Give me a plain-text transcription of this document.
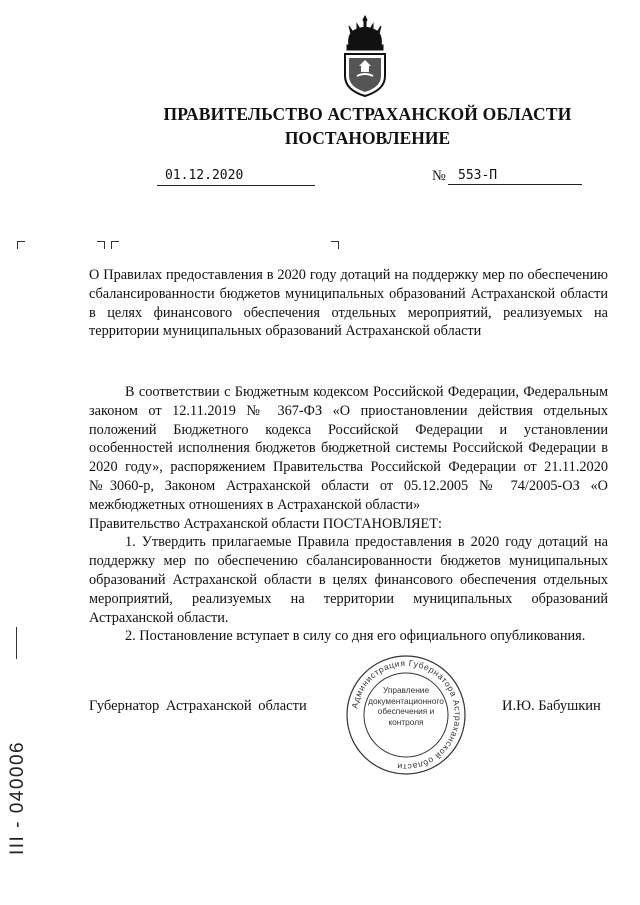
ПРАВИТЕЛЬСТВО АСТРАХАНСКОЙ ОБЛАСТИ
ПОСТАНОВЛЕНИЕ
01.12.2020	№ 553-П

О Правилах предоставления в 2020 году дотаций на поддержку мер по обеспечению сбалансированности бюджетов муниципальных образований Астраханской области в целях финансового обеспечения отдельных мероприятий, реализуемых на территории муниципальных образований Астраханской области

В соответствии с Бюджетным кодексом Российской Федерации, Федеральным законом от 12.11.2019 № 367-ФЗ «О приостановлении действия отдельных положений Бюджетного кодекса Российской Федерации и установлении особенностей исполнения бюджетов бюджетной системы Российской Федерации в 2020 году», распоряжением Правительства Российской Федерации от 21.11.2020 №3060-р, Законом Астраханской области от 05.12.2005 № 74/2005-ОЗ «О межбюджетных отношениях в Астраханской области»

Правительство Астраханской области ПОСТАНОВЛЯЕТ:

1. Утвердить прилагаемые Правила предоставления в 2020 году дотаций на поддержку мер по обеспечению сбалансированности бюджетов муниципальных образований Астраханской области в целях финансового обеспечения отдельных мероприятий, реализуемых на территории муниципальных образований Астраханской области.

2. Постановление вступает в силу со дня его официального опубликования.

Губернатор Астраханской области	И.Ю. Бабушкин
Администрация Губернатора Астраханской области
Управление документационного обеспечения и контроля
III - 040006
